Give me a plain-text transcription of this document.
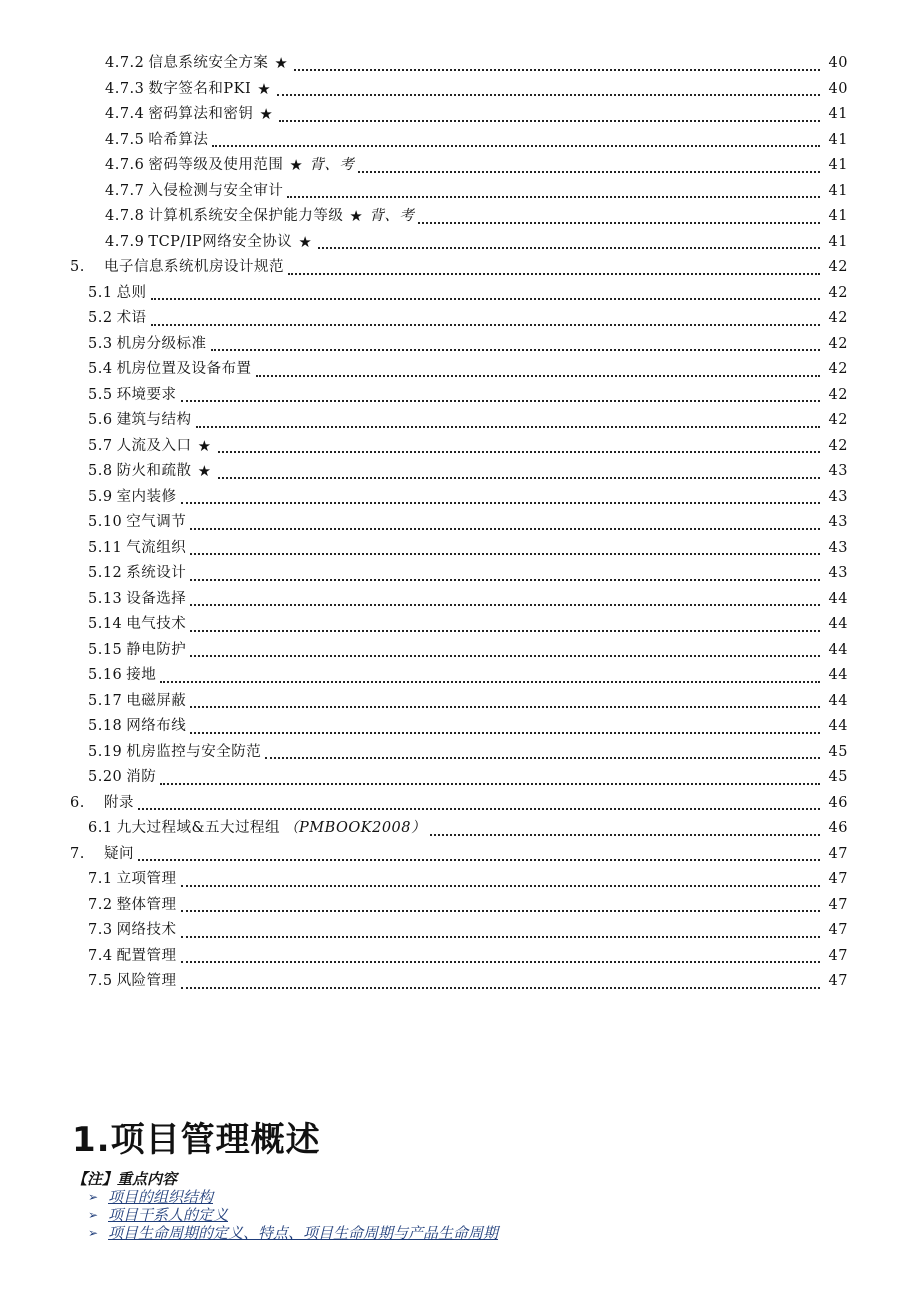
4.7.2 信息系统安全方案 ★	40
4.7.3 数字签名和PKI ★	40
4.7.4 密码算法和密钥 ★	41
4.7.5 哈希算法	41
4.7.6 密码等级及使用范围 ★ 背、考	41
4.7.7 入侵检测与安全审计	41
4.7.8 计算机系统安全保护能力等级 ★ 背、考	41
4.7.9 TCP/IP网络安全协议 ★	41
5.	电子信息系统机房设计规范	42
5.1 总则	42
5.2 术语	42
5.3 机房分级标准	42
5.4 机房位置及设备布置	42
5.5 环境要求	42
5.6 建筑与结构	42
5.7 人流及入口 ★	42
5.8 防火和疏散 ★	43
5.9 室内装修	43
5.10 空气调节	43
5.11 气流组织	43
5.12 系统设计	43
5.13 设备选择	44
5.14 电气技术	44
5.15 静电防护	44
5.16 接地	44
5.17 电磁屏蔽	44
5.18 网络布线	44
5.19 机房监控与安全防范	45
5.20 消防	45
6.	附录	46
6.1 九大过程域&五大过程组 （PMBOOK2008）	46
7.	疑问	47
7.1 立项管理	47
7.2 整体管理	47
7.3 网络技术	47
7.4 配置管理	47
7.5 风险管理	47
1.项目管理概述
【注】重点内容
➢ 项目的组织结构
➢ 项目干系人的定义
➢ 项目生命周期的定义、特点、项目生命周期与产品生命周期
